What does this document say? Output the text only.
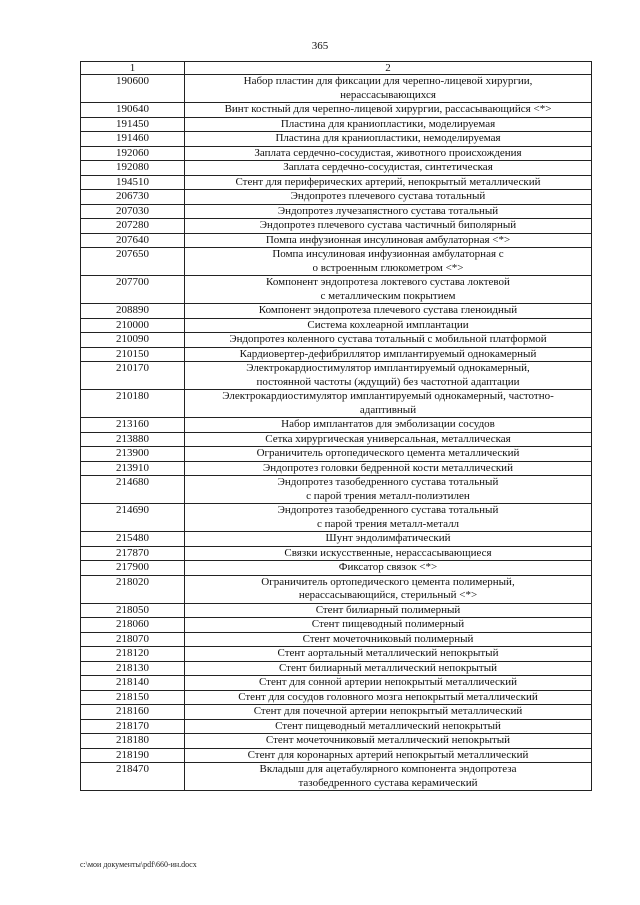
365
1	2
190600	Набор пластин для фиксации для черепно-лицевой хирургии,
нерассасывающихся
190640	Винт костный для черепно-лицевой хирургии, рассасывающийся <*>
191450	Пластина для краниопластики, моделируемая
191460	Пластина для краниопластики, немоделируемая
192060	Заплата сердечно-сосудистая, животного происхождения
192080	Заплата сердечно-сосудистая, синтетическая
194510	Стент для периферических артерий, непокрытый металлический
206730	Эндопротез плечевого сустава тотальный
207030	Эндопротез лучезапястного сустава тотальный
207280	Эндопротез плечевого сустава частичный биполярный
207640	Помпа инфузионная инсулиновая амбулаторная <*>
207650	Помпа инсулиновая инфузионная амбулаторная с
о встроенным глюкометром <*>
207700	Компонент эндопротеза локтевого сустава локтевой
с металлическим покрытием
208890	Компонент эндопротеза плечевого сустава гленоидный
210000	Система кохлеарной имплантации
210090	Эндопротез коленного сустава тотальный с мобильной платформой
210150	Кардиовертер-дефибриллятор имплантируемый однокамерный
210170	Электрокардиостимулятор имплантируемый однокамерный,
постоянной частоты (ждущий) без частотной адаптации
210180	Электрокардиостимулятор имплантируемый однокамерный, частотно-
адаптивный
213160	Набор имплантатов для эмболизации сосудов
213880	Сетка хирургическая универсальная, металлическая
213900	Ограничитель ортопедического цемента металлический
213910	Эндопротез головки бедренной кости металлический
214680	Эндопротез тазобедренного сустава тотальный
с парой трения металл-полиэтилен
214690	Эндопротез тазобедренного сустава тотальный
с парой трения металл-металл
215480	Шунт эндолимфатический
217870	Связки искусственные, нерассасывающиеся
217900	Фиксатор связок <*>
218020	Ограничитель ортопедического цемента полимерный,
нерассасывающийся, стерильный <*>
218050	Стент билиарный полимерный
218060	Стент пищеводный полимерный
218070	Стент мочеточниковый полимерный
218120	Стент аортальный металлический непокрытый
218130	Стент билиарный металлический непокрытый
218140	Стент для сонной артерии непокрытый металлический
218150	Стент для сосудов головного мозга непокрытый металлический
218160	Стент для почечной артерии непокрытый металлический
218170	Стент пищеводный металлический непокрытый
218180	Стент мочеточниковый металлический непокрытый
218190	Стент для коронарных артерий непокрытый металлический
218470	Вкладыш для ацетабулярного компонента эндопротеза
тазобедренного сустава керамический
c:\мои документы\pdf\660-ин.docx
